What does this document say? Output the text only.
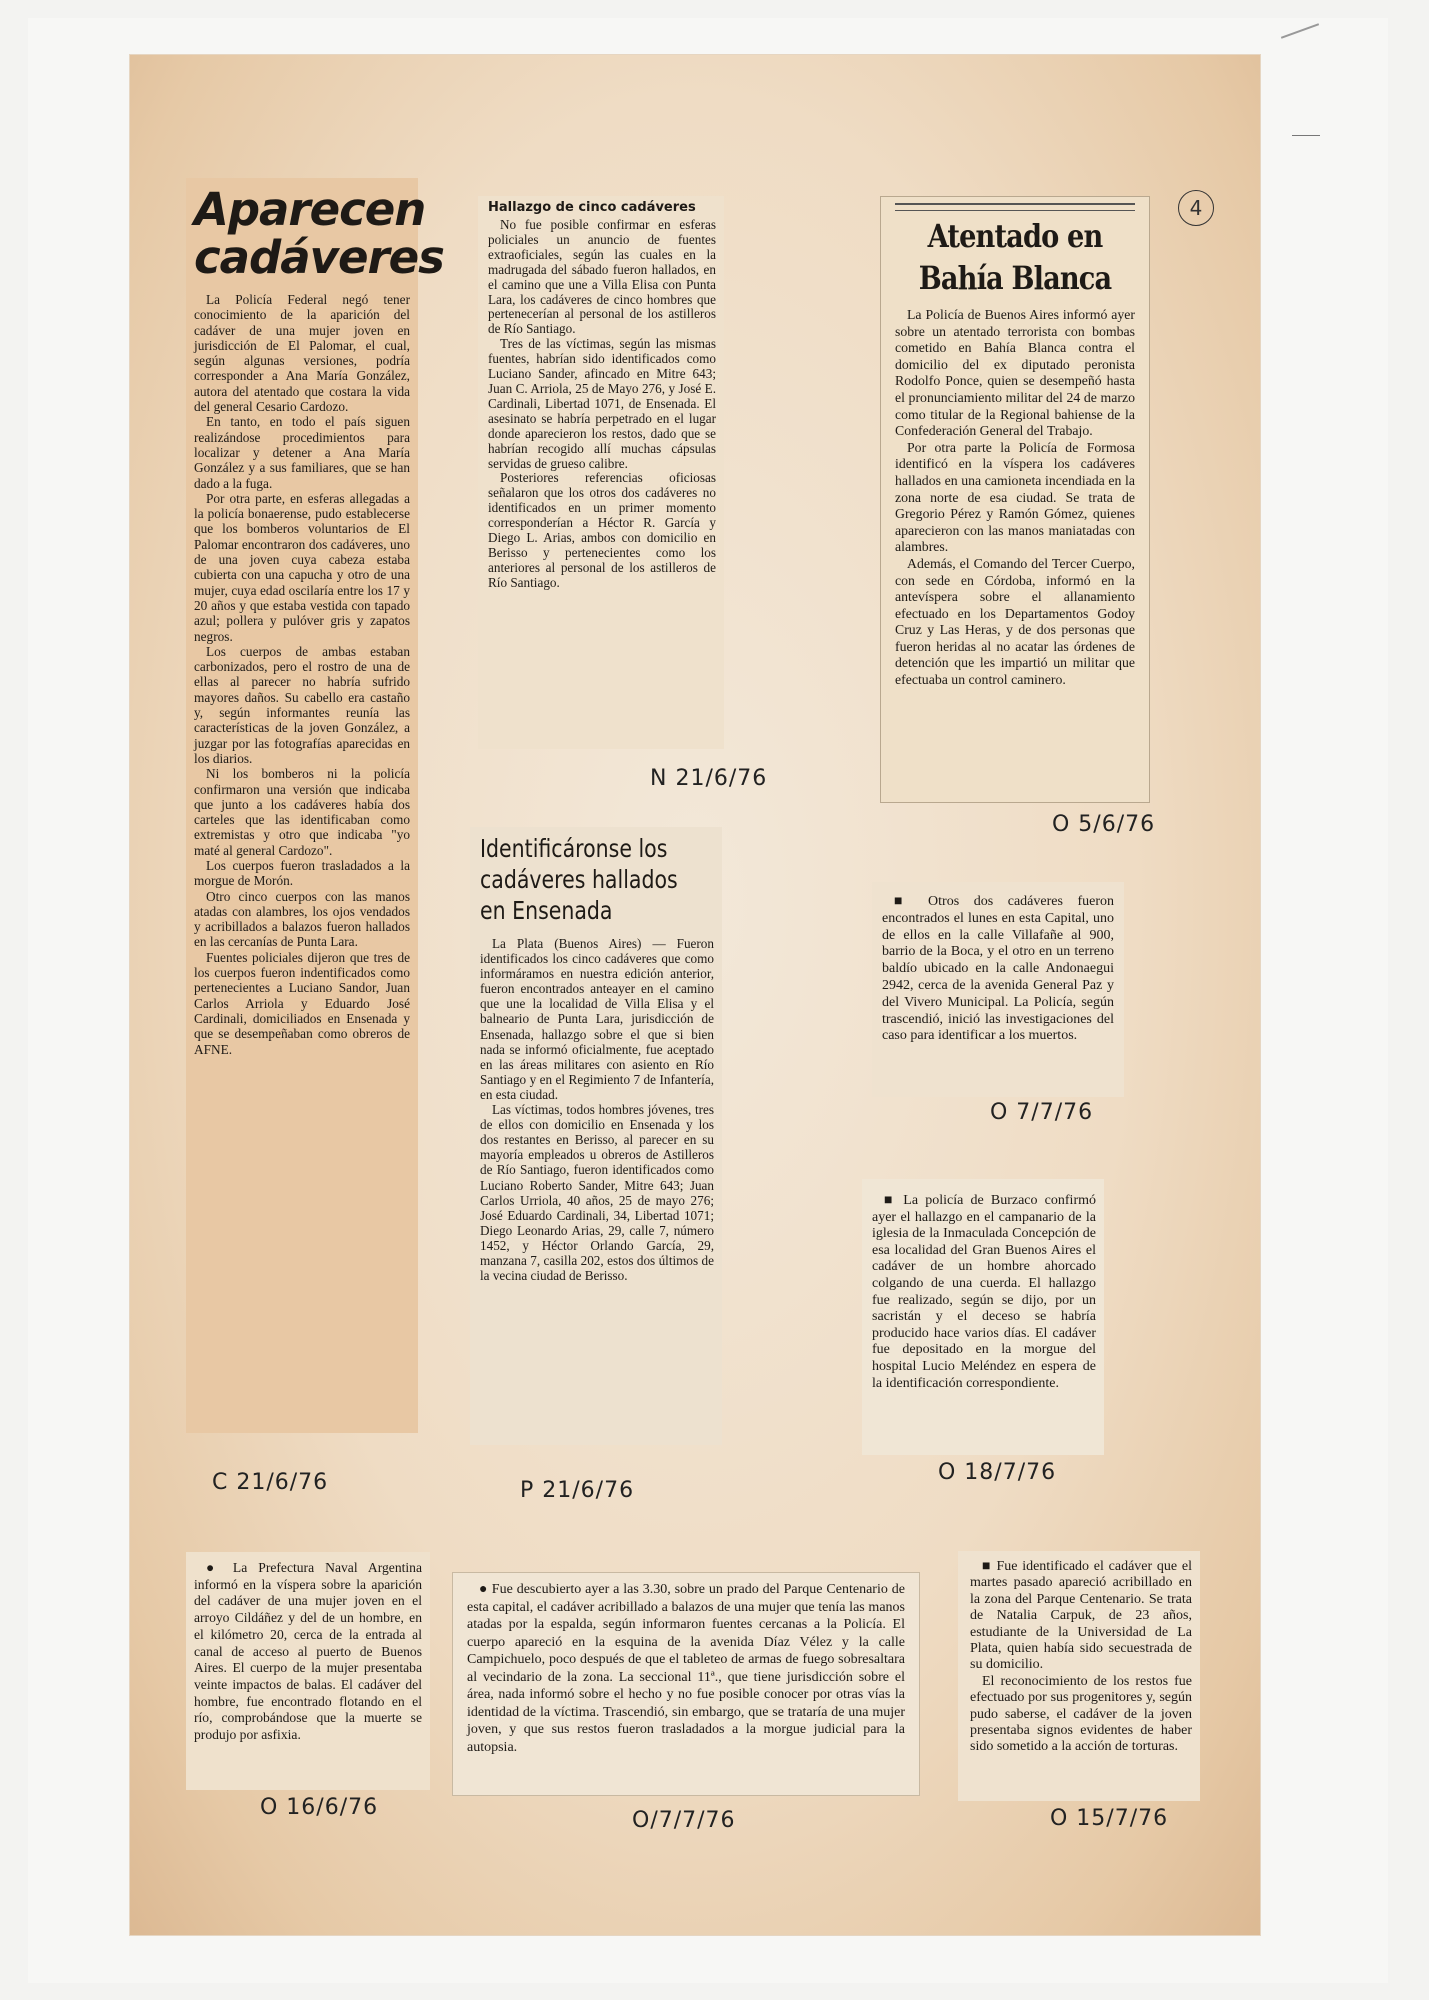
4
Aparecen
cadáveres

La Policía Federal negó tener conocimiento de la aparición del cadáver de una mujer joven en jurisdicción de El Palomar, el cual, según algunas versiones, podría corresponder a Ana María González, autora del atentado que costara la vida del general Cesario Cardozo.

En tanto, en todo el país siguen realizándose procedimientos para localizar y detener a Ana María González y a sus familiares, que se han dado a la fuga.

Por otra parte, en esferas allegadas a la policía bonaerense, pudo establecerse que los bomberos voluntarios de El Palomar encontraron dos cadáveres, uno de una joven cuya cabeza estaba cubierta con una capucha y otro de una mujer, cuya edad oscilaría entre los 17 y 20 años y que estaba vestida con tapado azul; pollera y pulóver gris y zapatos negros.

Los cuerpos de ambas estaban carbonizados, pero el rostro de una de ellas al parecer no habría sufrido mayores daños. Su cabello era castaño y, según informantes reunía las características de la joven González, a juzgar por las fotografías aparecidas en los diarios.

Ni los bomberos ni la policía confirmaron una versión que indicaba que junto a los cadáveres había dos carteles que las identificaban como extremistas y otro que indicaba "yo maté al general Cardozo".

Los cuerpos fueron trasladados a la morgue de Morón.

Otro cinco cuerpos con las manos atadas con alambres, los ojos vendados y acribillados a balazos fueron hallados en las cercanías de Punta Lara.

Fuentes policiales dijeron que tres de los cuerpos fueron indentificados como pertenecientes a Luciano Sandor, Juan Carlos Arriola y Eduardo José Cardinali, domiciliados en Ensenada y que se desempeñaban como obreros de AFNE.

C 21/6/76
Hallazgo de cinco cadáveres

No fue posible confirmar en esferas policiales un anuncio de fuentes extraoficiales, según las cuales en la madrugada del sábado fueron hallados, en el camino que une a Villa Elisa con Punta Lara, los cadáveres de cinco hombres que pertenecerían al personal de los astilleros de Río Santiago.

Tres de las víctimas, según las mismas fuentes, habrían sido identificados como Luciano Sander, afincado en Mitre 643; Juan C. Arriola, 25 de Mayo 276, y José E. Cardinali, Libertad 1071, de Ensenada. El asesinato se habría perpetrado en el lugar donde aparecieron los restos, dado que se habrían recogido allí muchas cápsulas servidas de grueso calibre.

Posteriores referencias oficiosas señalaron que los otros dos cadáveres no identificados en un primer momento corresponderían a Héctor R. García y Diego L. Arias, ambos con domicilio en Berisso y pertenecientes como los anteriores al personal de los astilleros de Río Santiago.

N 21/6/76
Atentado en
Bahía Blanca

La Policía de Buenos Aires informó ayer sobre un atentado terrorista con bombas cometido en Bahía Blanca contra el domicilio del ex diputado peronista Rodolfo Ponce, quien se desempeñó hasta el pronunciamiento militar del 24 de marzo como titular de la Regional bahiense de la Confederación General del Trabajo.

Por otra parte la Policía de Formosa identificó en la víspera los cadáveres hallados en una camioneta incendiada en la zona norte de esa ciudad. Se trata de Gregorio Pérez y Ramón Gómez, quienes aparecieron con las manos maniatadas con alambres.

Además, el Comando del Tercer Cuerpo, con sede en Córdoba, informó en la antevíspera sobre el allanamiento efectuado en los Departamentos Godoy Cruz y Las Heras, y de dos personas que fueron heridas al no acatar las órdenes de detención que les impartió un militar que efectuaba un control caminero.

O 5/6/76
Identificáronse los
cadáveres hallados
en Ensenada

La Plata (Buenos Aires) — Fueron identificados los cinco cadáveres que como informáramos en nuestra edición anterior, fueron encontrados anteayer en el camino que une la localidad de Villa Elisa y el balneario de Punta Lara, jurisdicción de Ensenada, hallazgo sobre el que si bien nada se informó oficialmente, fue aceptado en las áreas militares con asiento en Río Santiago y en el Regimiento 7 de Infantería, en esta ciudad.

Las víctimas, todos hombres jóvenes, tres de ellos con domicilio en Ensenada y los dos restantes en Berisso, al parecer en su mayoría empleados u obreros de Astilleros de Río Santiago, fueron identificados como Luciano Roberto Sander, Mitre 643; Juan Carlos Urriola, 40 años, 25 de mayo 276; José Eduardo Cardinali, 34, Libertad 1071; Diego Leonardo Arias, 29, calle 7, número 1452, y Héctor Orlando García, 29, manzana 7, casilla 202, estos dos últimos de la vecina ciudad de Berisso.

P 21/6/76

■ Otros dos cadáveres fueron encontrados el lunes en esta Capital, uno de ellos en la calle Villafañe al 900, barrio de la Boca, y el otro en un terreno baldío ubicado en la calle Andonaegui 2942, cerca de la avenida General Paz y del Vivero Municipal. La Policía, según trascendió, inició las investigaciones del caso para identificar a los muertos.

O 7/7/76

■ La policía de Burzaco confirmó ayer el hallazgo en el campanario de la iglesia de la Inmaculada Concepción de esa localidad del Gran Buenos Aires el cadáver de un hombre ahorcado colgando de una cuerda. El hallazgo fue realizado, según se dijo, por un sacristán y el deceso se habría producido hace varios días. El cadáver fue depositado en la morgue del hospital Lucio Meléndez en espera de la identificación correspondiente.

O 18/7/76

● La Prefectura Naval Argentina informó en la víspera sobre la aparición del cadáver de una mujer joven en el arroyo Cildáñez y del de un hombre, en el kilómetro 20, cerca de la entrada al canal de acceso al puerto de Buenos Aires. El cuerpo de la mujer presentaba veinte impactos de balas. El cadáver del hombre, fue encontrado flotando en el río, comprobándose que la muerte se produjo por asfixia.

O 16/6/76

● Fue descubierto ayer a las 3.30, sobre un prado del Parque Centenario de esta capital, el cadáver acribillado a balazos de una mujer que tenía las manos atadas por la espalda, según informaron fuentes cercanas a la Policía. El cuerpo apareció en la esquina de la avenida Díaz Vélez y la calle Campichuelo, poco después de que el tableteo de armas de fuego sobresaltara al vecindario de la zona. La seccional 11ª., que tiene jurisdicción sobre el área, nada informó sobre el hecho y no fue posible conocer por otras vías la identidad de la víctima. Trascendió, sin embargo, que se trataría de una mujer joven, y que sus restos fueron trasladados a la morgue judicial para la autopsia.

O/7/7/76

■ Fue identificado el cadáver que el martes pasado apareció acribillado en la zona del Parque Centenario. Se trata de Natalia Carpuk, de 23 años, estudiante de la Universidad de La Plata, quien había sido secuestrada de su domicilio.

El reconocimiento de los restos fue efectuado por sus progenitores y, según pudo saberse, el cadáver de la joven presentaba signos evidentes de haber sido sometido a la acción de torturas.

O 15/7/76
